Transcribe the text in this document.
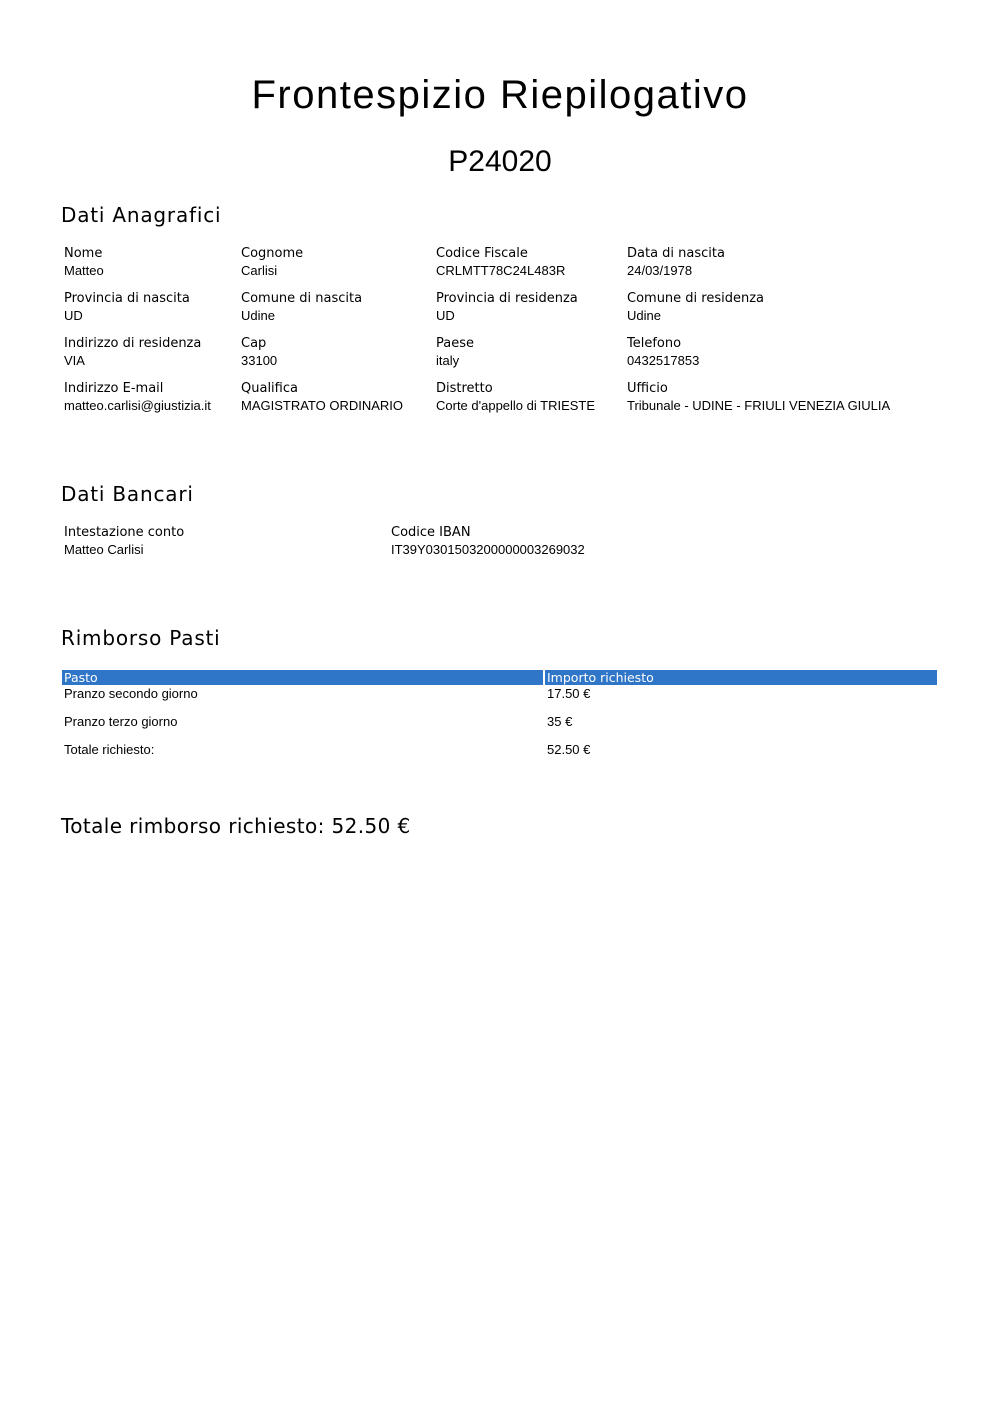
Frontespizio Riepilogativo
P24020
Dati Anagrafici
Nome
Matteo
Cognome
Carlisi
Codice Fiscale
CRLMTT78C24L483R
Data di nascita
24/03/1978
Provincia di nascita
UD
Comune di nascita
Udine
Provincia di residenza
UD
Comune di residenza
Udine
Indirizzo di residenza
VIA
Cap
33100
Paese
italy
Telefono
0432517853
Indirizzo E-mail
matteo.carlisi@giustizia.it
Qualifica
MAGISTRATO ORDINARIO
Distretto
Corte d'appello di TRIESTE
Ufficio
Tribunale - UDINE - FRIULI VENEZIA GIULIA
Dati Bancari
Intestazione conto
Matteo Carlisi
Codice IBAN
IT39Y0301503200000003269032
Rimborso Pasti
Pasto	Importo richiesto
Pranzo secondo giorno	17.50 €
Pranzo terzo giorno	35 €
Totale richiesto:	52.50 €
Totale rimborso richiesto: 52.50 €
